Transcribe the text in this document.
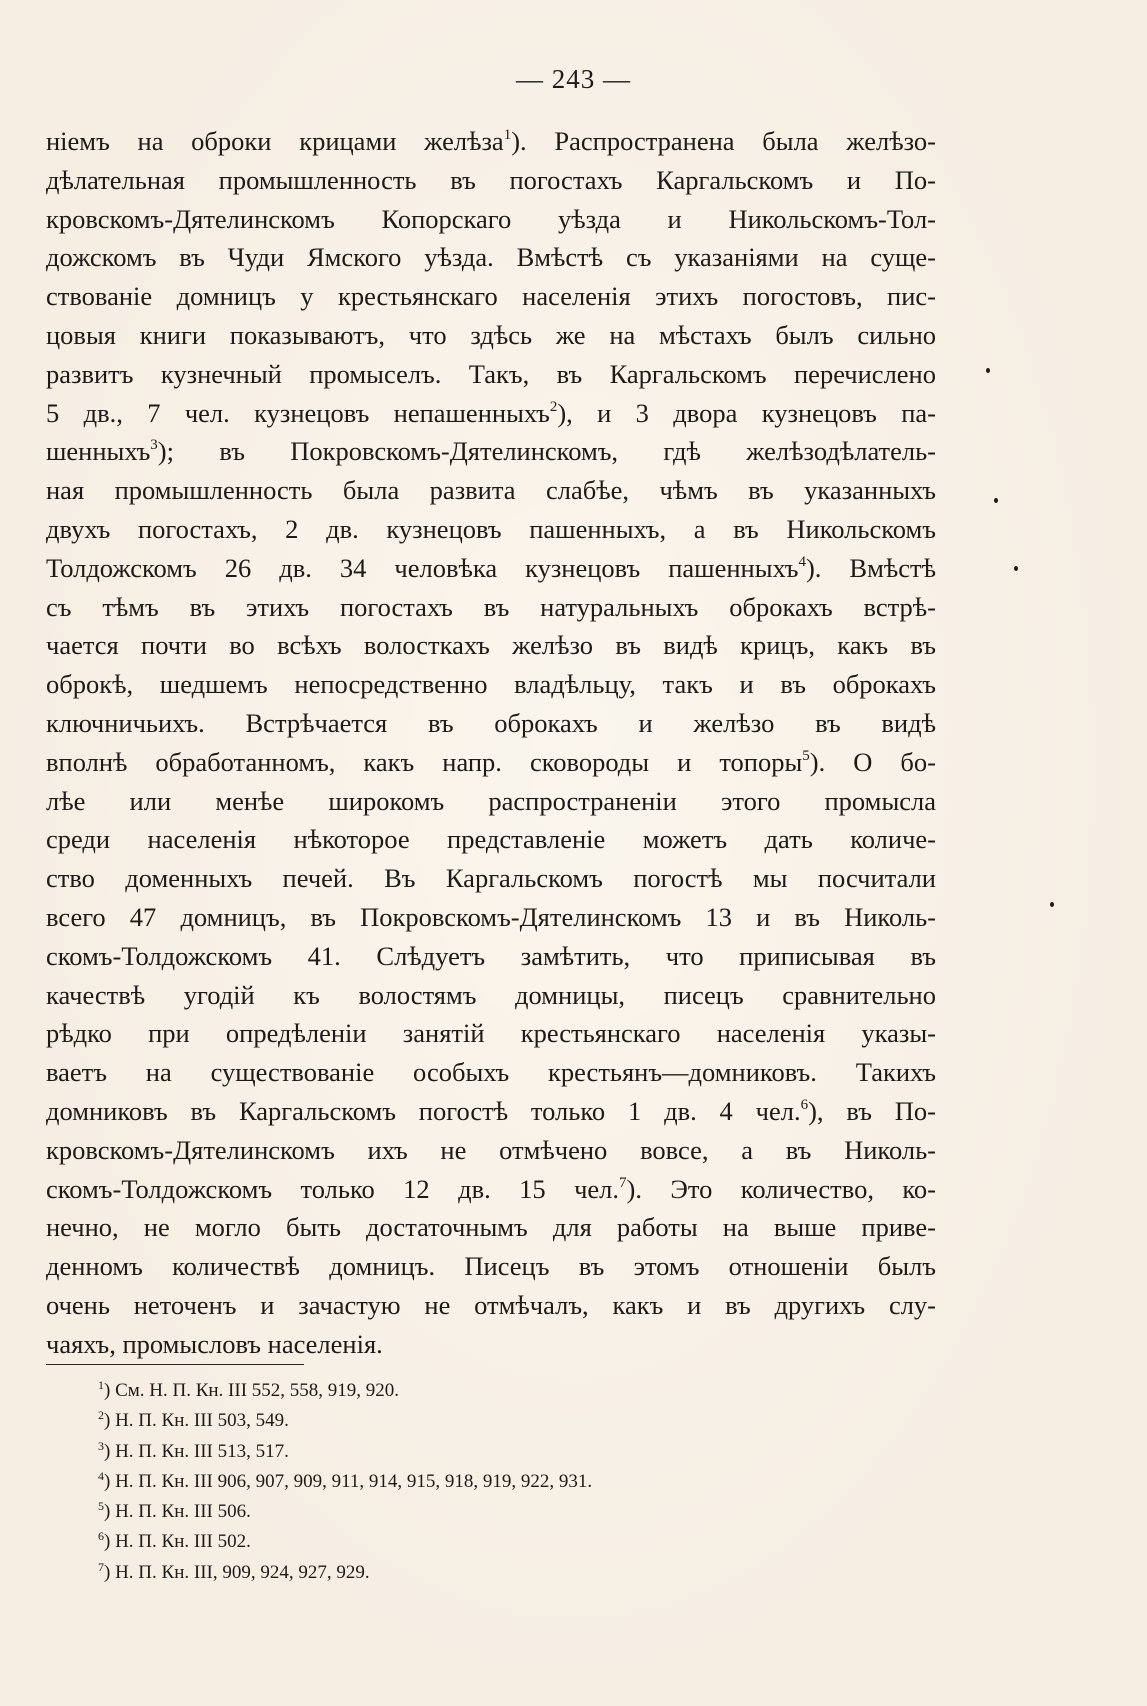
— 243 —
ніемъ на оброки крицами желѣза$^1$). Распространена была желѣзо-
дѣлательная промышленность въ погостахъ Каргальскомъ и По-
кровскомъ-Дятелинскомъ Копорскаго уѣзда и Никольскомъ-Тол-
дожскомъ въ Чуди Ямского уѣзда. Вмѣстѣ съ указаніями на суще-
ствованіе домницъ у крестьянскаго населенія этихъ погостовъ, пис-
цовыя книги показываютъ, что здѣсь же на мѣстахъ былъ сильно
развитъ кузнечный промыселъ. Такъ, въ Каргальскомъ перечислено
5 дв., 7 чел. кузнецовъ непашенныхъ$^2$), и 3 двора кузнецовъ па-
шенныхъ$^3$); въ Покровскомъ-Дятелинскомъ, гдѣ желѣзодѣлатель-
ная промышленность была развита слабѣе, чѣмъ въ указанныхъ
двухъ погостахъ, 2 дв. кузнецовъ пашенныхъ, а въ Никольскомъ
Толдожскомъ 26 дв. 34 человѣка кузнецовъ пашенныхъ$^4$). Вмѣстѣ
съ тѣмъ въ этихъ погостахъ въ натуральныхъ оброкахъ встрѣ-
чается почти во всѣхъ волосткахъ желѣзо въ видѣ крицъ, какъ въ
оброкѣ, шедшемъ непосредственно владѣльцу, такъ и въ оброкахъ
ключничьихъ. Встрѣчается въ оброкахъ и желѣзо въ видѣ
вполнѣ обработанномъ, какъ напр. сковороды и топоры$^5$). О бо-
лѣе или менѣе широкомъ распространеніи этого промысла
среди населенія нѣкоторое представленіе можетъ дать количе-
ство доменныхъ печей. Въ Каргальскомъ погостѣ мы посчитали
всего 47 домницъ, въ Покровскомъ-Дятелинскомъ 13 и въ Николь-
скомъ-Толдожскомъ 41. Слѣдуетъ замѣтить, что приписывая въ
качествѣ угодій къ волостямъ домницы, писецъ сравнительно
рѣдко при опредѣленіи занятій крестьянскаго населенія указы-
ваетъ на существованіе особыхъ крестьянъ—домниковъ. Такихъ
домниковъ въ Каргальскомъ погостѣ только 1 дв. 4 чел.$^6$), въ По-
кровскомъ-Дятелинскомъ ихъ не отмѣчено вовсе, а въ Николь-
скомъ-Толдожскомъ только 12 дв. 15 чел.$^7$). Это количество, ко-
нечно, не могло быть достаточнымъ для работы на выше приве-
денномъ количествѣ домницъ. Писецъ въ этомъ отношеніи былъ
очень неточенъ и зачастую не отмѣчалъ, какъ и въ другихъ слу-
чаяхъ, промысловъ населенія.
$^1$) См. Н. П. Кн. III 552, 558, 919, 920.
$^2$) Н. П. Кн. III 503, 549.
$^3$) Н. П. Кн. III 513, 517.
$^4$) Н. П. Кн. III 906, 907, 909, 911, 914, 915, 918, 919, 922, 931.
$^5$) Н. П. Кн. III 506.
$^6$) Н. П. Кн. III 502.
$^7$) Н. П. Кн. III, 909, 924, 927, 929.
